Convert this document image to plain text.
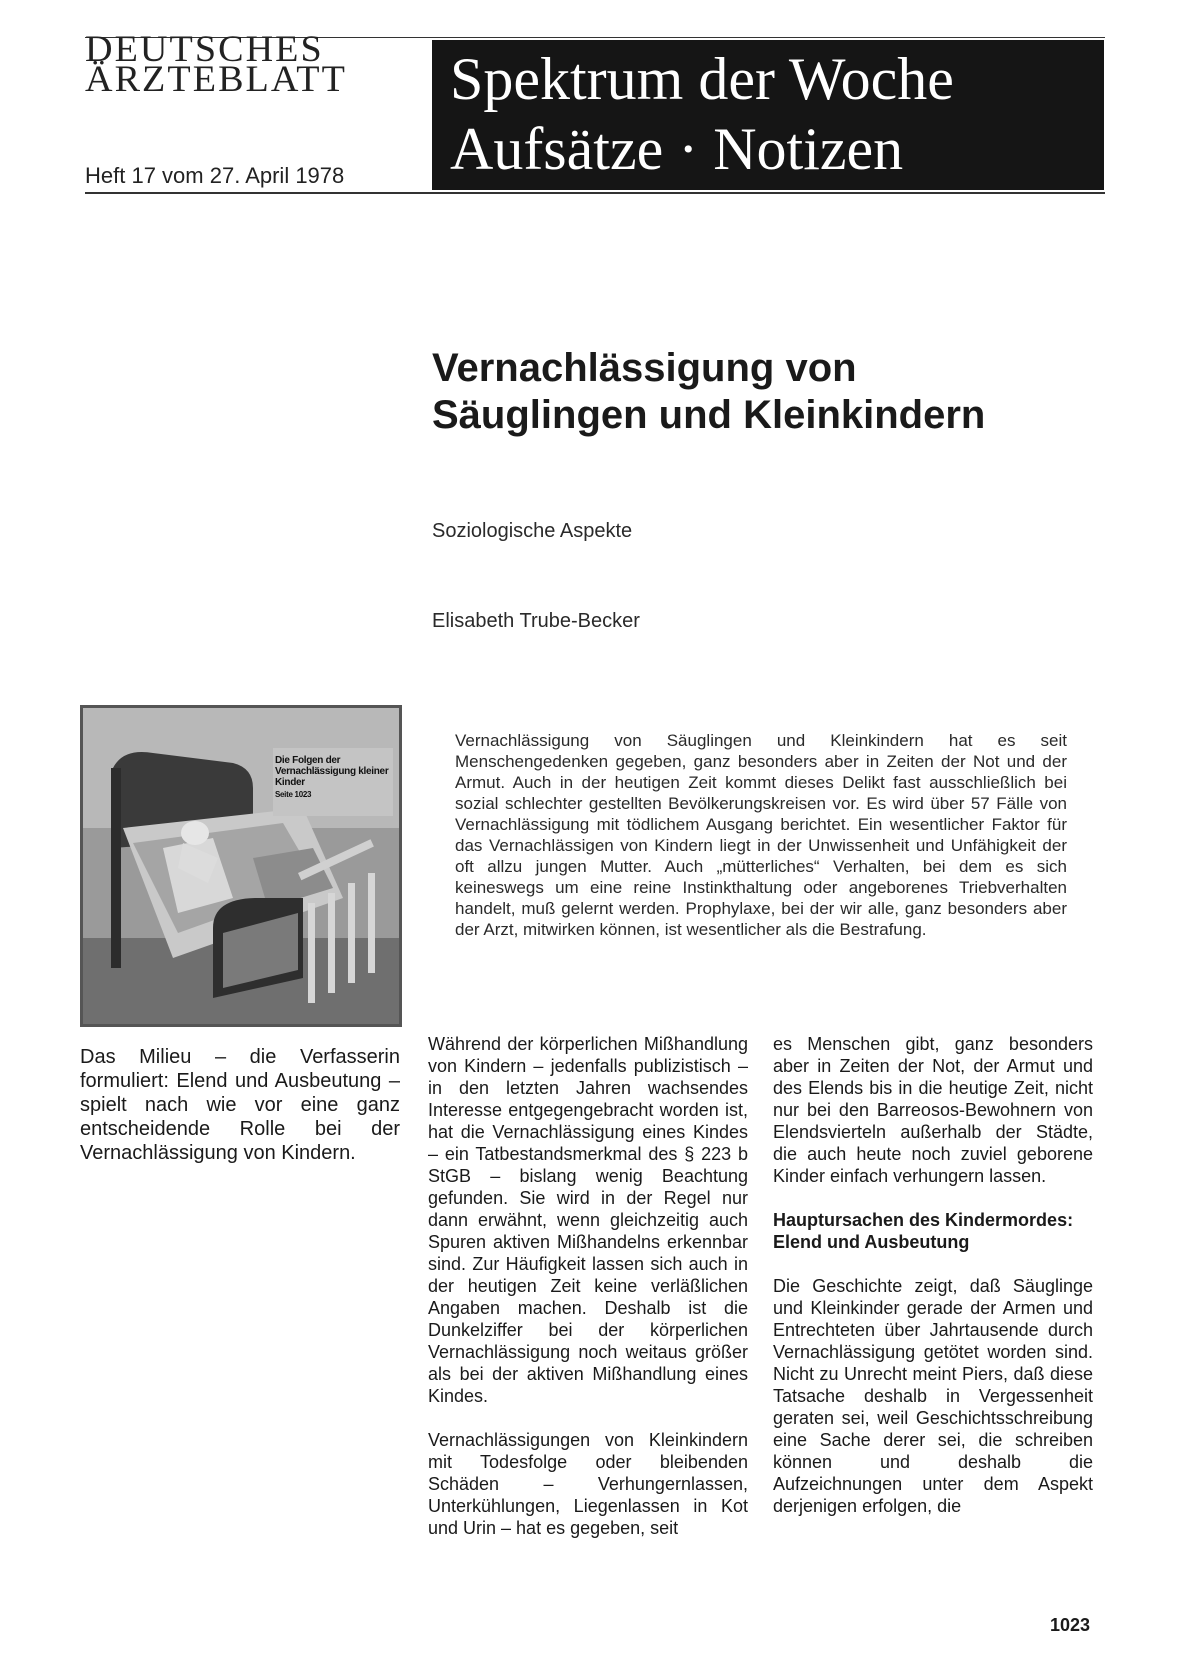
DEUTSCHES
ÄRZTEBLATT
Heft 17 vom 27. April 1978
Spektrum der Woche
Aufsätze · Notizen
Vernachlässigung von Säuglingen und Kleinkindern
Soziologische Aspekte
Elisabeth Trube-Becker
Die Folgen der Vernachlässigung kleiner Kinder
Seite 1023
Vernachlässigung von Säuglingen und Kleinkindern hat es seit Menschengedenken gegeben, ganz besonders aber in Zeiten der Not und der Armut. Auch in der heutigen Zeit kommt dieses Delikt fast ausschließlich bei sozial schlechter gestellten Bevölkerungskreisen vor. Es wird über 57 Fälle von Vernachlässigung mit tödlichem Ausgang berichtet. Ein wesentlicher Faktor für das Vernachlässigen von Kindern liegt in der Unwissenheit und Unfähigkeit der oft allzu jungen Mutter. Auch „mütterliches“ Verhalten, bei dem es sich keineswegs um eine reine Instinkthaltung oder angeborenes Triebverhalten handelt, muß gelernt werden. Prophylaxe, bei der wir alle, ganz besonders aber der Arzt, mitwirken können, ist wesentlicher als die Bestrafung.
Das Milieu – die Verfasserin formuliert: Elend und Ausbeutung – spielt nach wie vor eine ganz entscheidende Rolle bei der Vernachlässigung von Kindern.

Während der körperlichen Mißhandlung von Kindern – jedenfalls publizistisch – in den letzten Jahren wachsendes Interesse entgegengebracht worden ist, hat die Vernachlässigung eines Kindes – ein Tatbestandsmerkmal des § 223 b StGB – bislang wenig Beachtung gefunden. Sie wird in der Regel nur dann erwähnt, wenn gleichzeitig auch Spuren aktiven Mißhandelns erkennbar sind. Zur Häufigkeit lassen sich auch in der heutigen Zeit keine verläßlichen Angaben machen. Deshalb ist die Dunkelziffer bei der körperlichen Vernachlässigung noch weitaus größer als bei der aktiven Mißhandlung eines Kindes.

Vernachlässigungen von Kleinkindern mit Todesfolge oder bleibenden Schäden – Verhungernlassen, Unterkühlungen, Liegenlassen in Kot und Urin – hat es gegeben, seit

es Menschen gibt, ganz besonders aber in Zeiten der Not, der Armut und des Elends bis in die heutige Zeit, nicht nur bei den Barreosos-Bewohnern von Elendsvierteln außerhalb der Städte, die auch heute noch zuviel geborene Kinder einfach verhungern lassen.

Hauptursachen des Kindermordes: Elend und Ausbeutung

Die Geschichte zeigt, daß Säuglinge und Kleinkinder gerade der Armen und Entrechteten über Jahrtausende durch Vernachlässigung getötet worden sind. Nicht zu Unrecht meint Piers, daß diese Tatsache deshalb in Vergessenheit geraten sei, weil Geschichtsschreibung eine Sache derer sei, die schreiben können und deshalb die Aufzeichnungen unter dem Aspekt derjenigen erfolgen, die

1023
